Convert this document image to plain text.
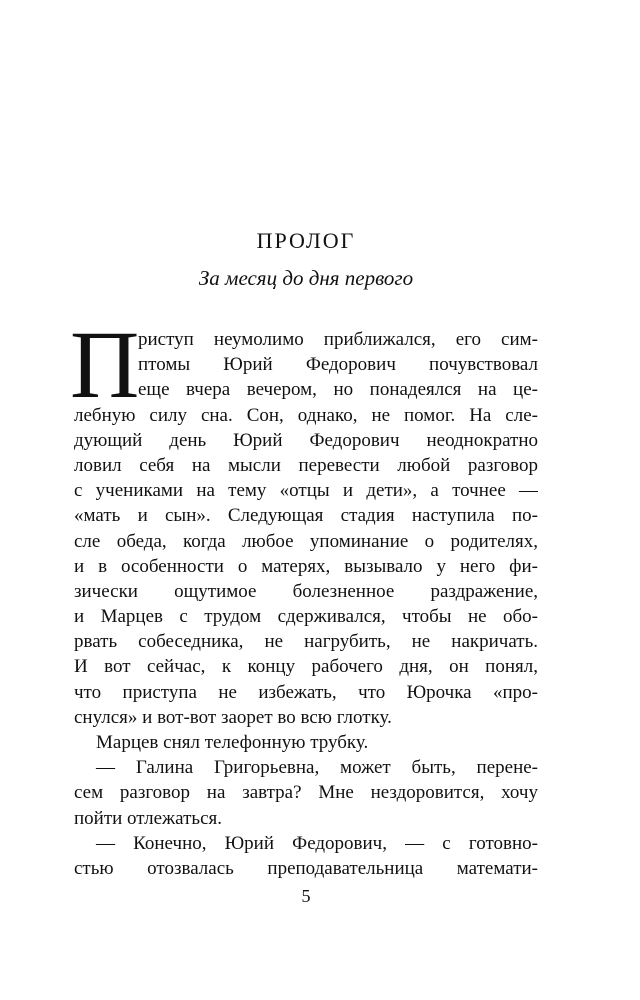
ПРОЛОГ
За месяц до дня первого
П
риступ неумолимо приближался, его сим-
птомы Юрий Федорович почувствовал
еще вчера вечером, но понадеялся на це-
лебную силу сна. Сон, однако, не помог. На сле-
дующий день Юрий Федорович неоднократно
ловил себя на мысли перевести любой разговор
с учениками на тему «отцы и дети», а точнее —
«мать и сын». Следующая стадия наступила по-
сле обеда, когда любое упоминание о родителях,
и в особенности о матерях, вызывало у него фи-
зически ощутимое болезненное раздражение,
и Марцев с трудом сдерживался, чтобы не обо-
рвать собеседника, не нагрубить, не накричать.
И вот сейчас, к концу рабочего дня, он понял,
что приступа не избежать, что Юрочка «про-
снулся» и вот-вот заорет во всю глотку.
Марцев снял телефонную трубку.
— Галина Григорьевна, может быть, перене-
сем разговор на завтра? Мне нездоровится, хочу
пойти отлежаться.
— Конечно, Юрий Федорович, — с готовно-
стью отозвалась преподавательница математи-
5
